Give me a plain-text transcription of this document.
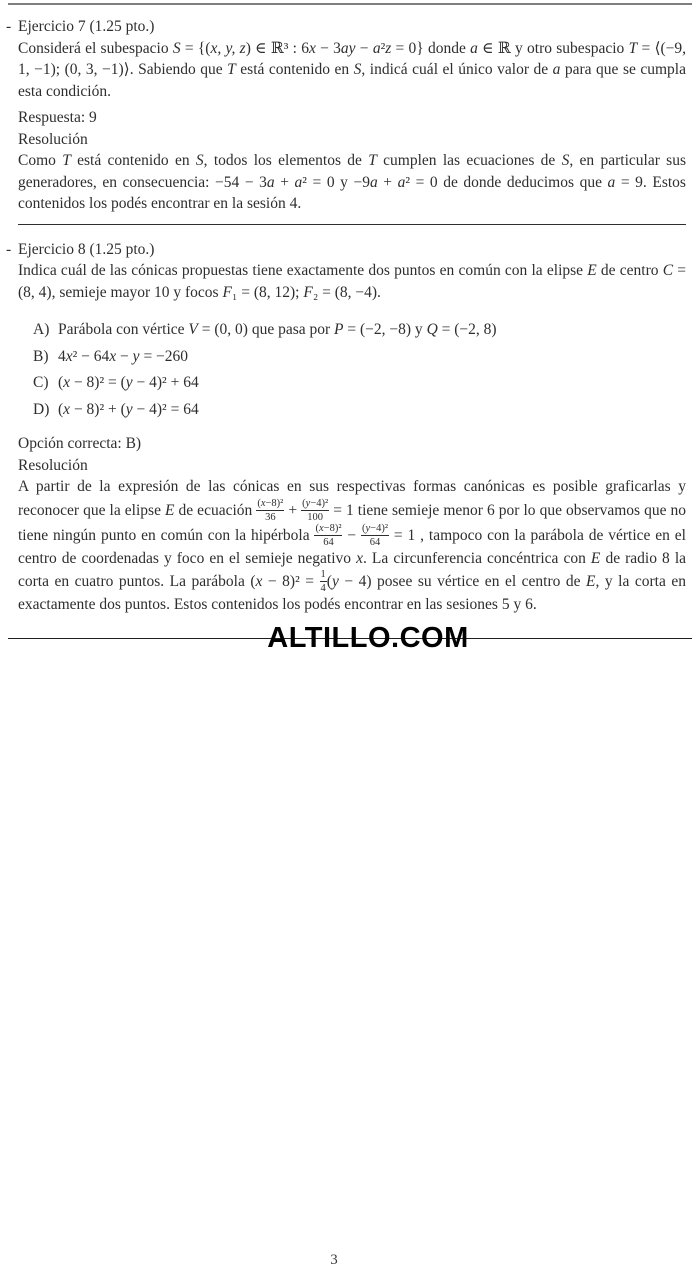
- Ejercicio 7 (1.25 pto.)

Considerá el subespacio S = {(x, y, z) ∈ ℝ³ : 6x − 3ay − a²z = 0} donde a ∈ ℝ y otro subespacio T = ⟨(−9, 1, −1); (0, 3, −1)⟩. Sabiendo que T está contenido en S, indicá cuál el único valor de a para que se cumpla esta condición.

Respuesta: 9
Resolución

Como T está contenido en S, todos los elementos de T cumplen las ecuaciones de S, en particular sus generadores, en consecuencia: −54 − 3a + a² = 0 y −9a + a² = 0 de donde deducimos que a = 9. Estos contenidos los podés encontrar en la sesión 4.

- Ejercicio 8 (1.25 pto.)

Indica cuál de las cónicas propuestas tiene exactamente dos puntos en común con la elipse E de centro C = (8, 4), semieje mayor 10 y focos F₁ = (8, 12); F₂ = (8, −4).

A) Parábola con vértice V = (0, 0) que pasa por P = (−2, −8) y Q = (−2, 8)
B) 4x² − 64x − y = −260
C) (x − 8)² = (y − 4)² + 64
D) (x − 8)² + (y − 4)² = 64
Opción correcta: B)
Resolución

A partir de la expresión de las cónicas en sus respectivas formas canónicas es posible graficarlas y reconocer que la elipse E de ecuación $\frac{\text{(x−8)²}}{36} + \frac{\text{(y−4)²}}{100} = 1$ tiene semieje menor 6 por lo que observamos que no tiene ningún punto en común con la hipérbola $\frac{\text{(x−8)²}}{64} - \frac{\text{(y−4)²}}{64} = 1$ , tampoco con la parábola de vértice en el centro de coordenadas y foco en el semieje negativo x. La circunferencia concéntrica con E de radio 8 la corta en cuatro puntos. La parábola $(x - 8)^2 = \frac{1}{4} (y - 4)$ posee su vértice en el centro de E, y la corta en exactamente dos puntos. Estos contenidos los podés encontrar en las sesiones 5 y 6.

ALTILLO.COM
3
